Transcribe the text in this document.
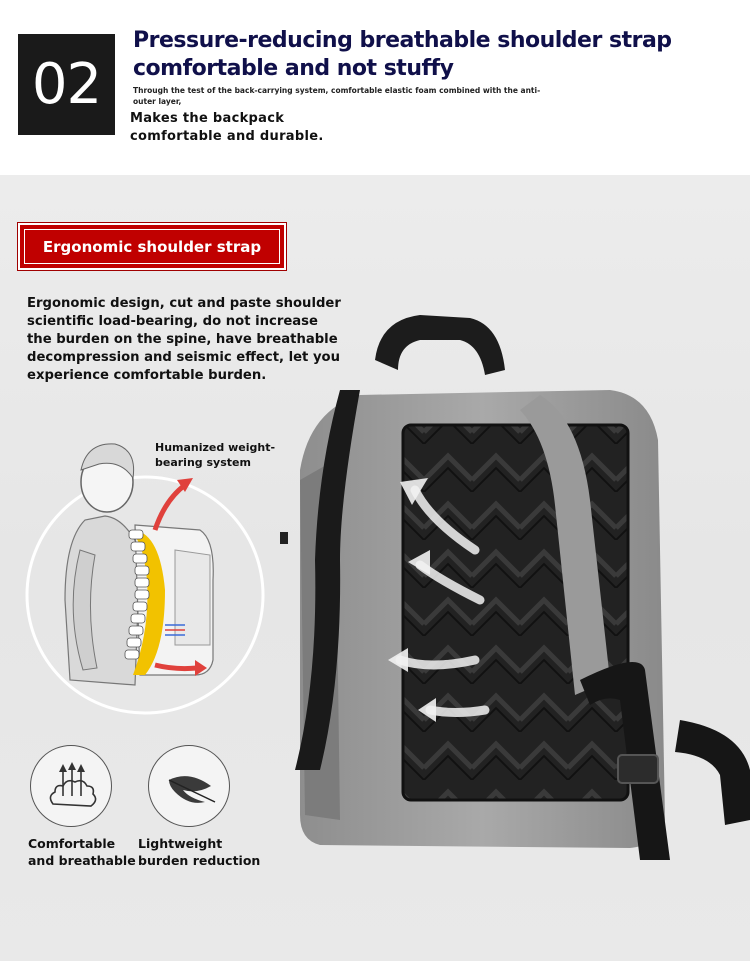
02
Pressure-reducing breathable shoulder strap
comfortable and not stuffy
Through the test of the back-carrying system, comfortable elastic foam combined with the anti-
outer layer,
Makes the backpack
comfortable and durable.
Ergonomic shoulder strap
Ergonomic design, cut and paste shoulder
scientific load-bearing, do not increase
the burden on the spine, have breathable
decompression and seismic effect, let you
experience comfortable burden.
Humanized weight-
bearing system
Comfortable
and breathable
Lightweight
burden reduction
